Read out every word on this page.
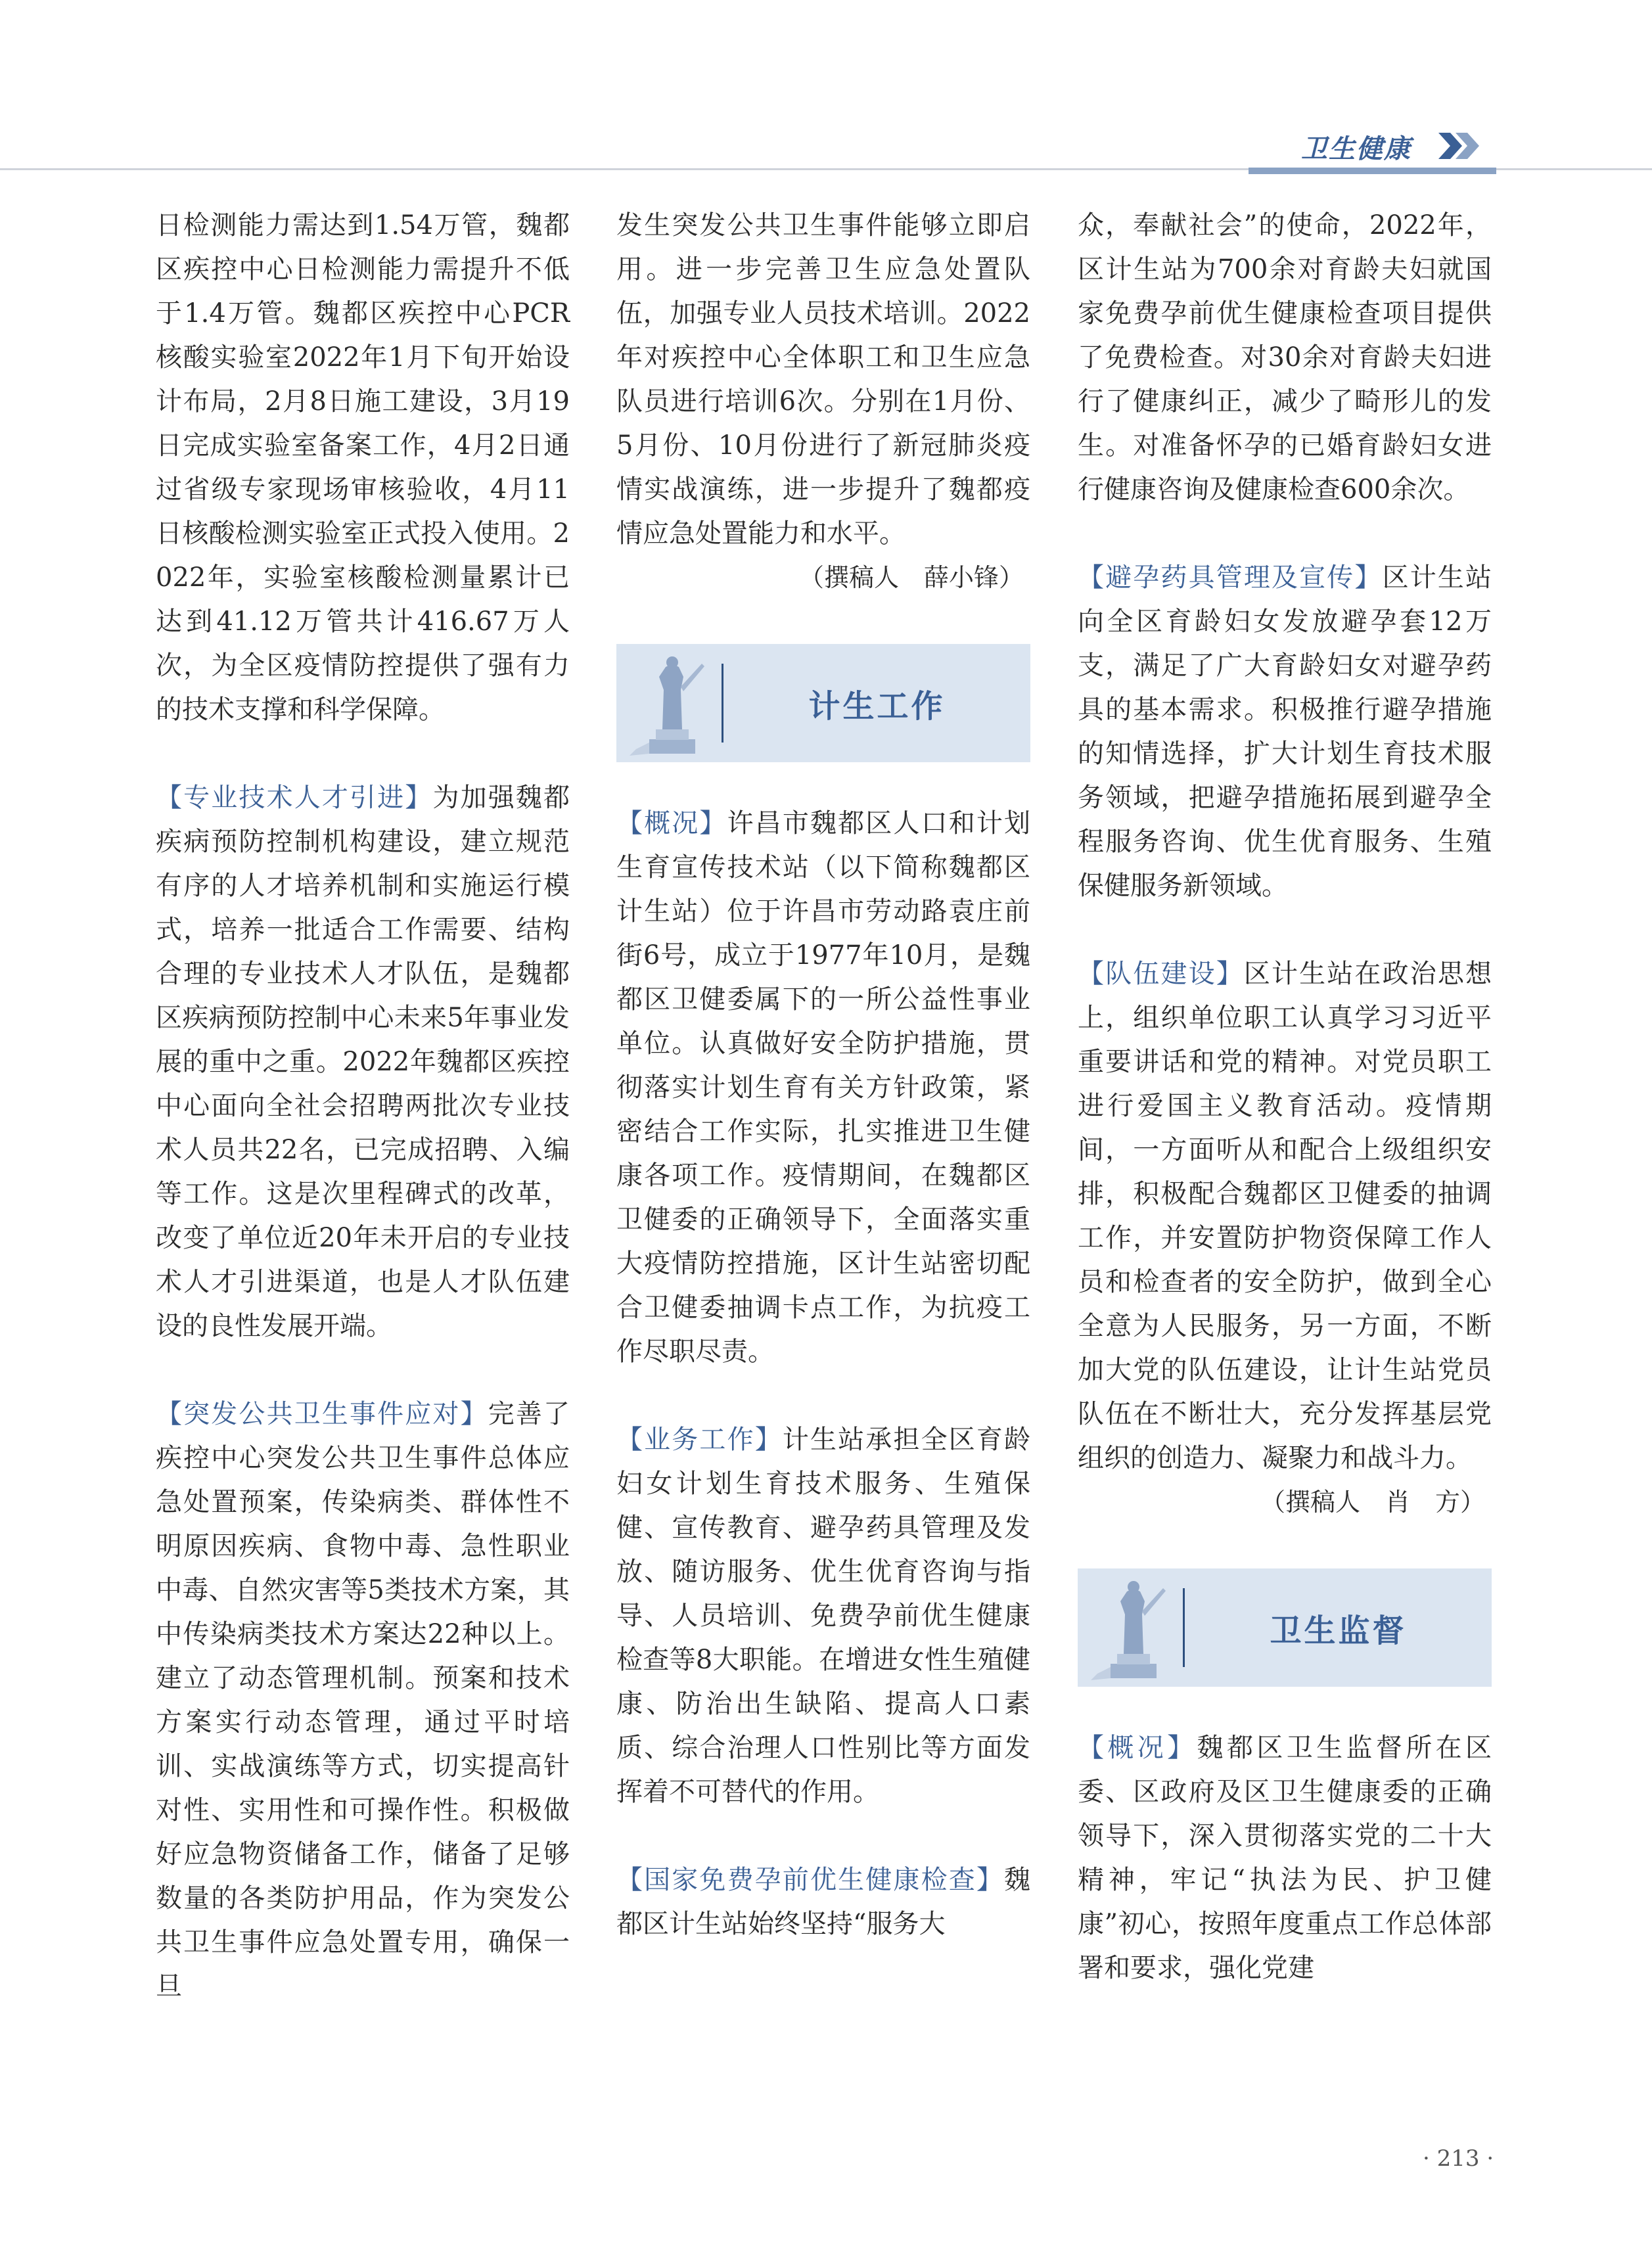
卫生健康

日检测能力需达到1.54万管，魏都区疾控中心日检测能力需提升不低于1.4万管。魏都区疾控中心PCR核酸实验室2022年1月下旬开始设计布局，2月8日施工建设，3月19日完成实验室备案工作，4月2日通过省级专家现场审核验收，4月11日核酸检测实验室正式投入使用。2022年，实验室核酸检测量累计已达到41.12万管共计416.67万人次，为全区疫情防控提供了强有力的技术支撑和科学保障。

【专业技术人才引进】为加强魏都疾病预防控制机构建设，建立规范有序的人才培养机制和实施运行模式，培养一批适合工作需要、结构合理的专业技术人才队伍，是魏都区疾病预防控制中心未来5年事业发展的重中之重。2022年魏都区疾控中心面向全社会招聘两批次专业技术人员共22名，已完成招聘、入编等工作。这是次里程碑式的改革，改变了单位近20年未开启的专业技术人才引进渠道，也是人才队伍建设的良性发展开端。

【突发公共卫生事件应对】完善了疾控中心突发公共卫生事件总体应急处置预案，传染病类、群体性不明原因疾病、食物中毒、急性职业中毒、自然灾害等5类技术方案，其中传染病类技术方案达22种以上。建立了动态管理机制。预案和技术方案实行动态管理，通过平时培训、实战演练等方式，切实提高针对性、实用性和可操作性。积极做好应急物资储备工作，储备了足够数量的各类防护用品，作为突发公共卫生事件应急处置专用，确保一旦

发生突发公共卫生事件能够立即启用。进一步完善卫生应急处置队伍，加强专业人员技术培训。2022年对疾控中心全体职工和卫生应急队员进行培训6次。分别在1月份、5月份、10月份进行了新冠肺炎疫情实战演练，进一步提升了魏都疫情应急处置能力和水平。

（撰稿人　薛小锋）
计生工作

【概况】许昌市魏都区人口和计划生育宣传技术站（以下简称魏都区计生站）位于许昌市劳动路袁庄前街6号，成立于1977年10月，是魏都区卫健委属下的一所公益性事业单位。认真做好安全防护措施，贯彻落实计划生育有关方针政策，紧密结合工作实际，扎实推进卫生健康各项工作。疫情期间，在魏都区卫健委的正确领导下，全面落实重大疫情防控措施，区计生站密切配合卫健委抽调卡点工作，为抗疫工作尽职尽责。

【业务工作】计生站承担全区育龄妇女计划生育技术服务、生殖保健、宣传教育、避孕药具管理及发放、随访服务、优生优育咨询与指导、人员培训、免费孕前优生健康检查等8大职能。在增进女性生殖健康、防治出生缺陷、提高人口素质、综合治理人口性别比等方面发挥着不可替代的作用。

【国家免费孕前优生健康检查】魏都区计生站始终坚持“服务大

众，奉献社会”的使命，2022年，区计生站为700余对育龄夫妇就国家免费孕前优生健康检查项目提供了免费检查。对30余对育龄夫妇进行了健康纠正，减少了畸形儿的发生。对准备怀孕的已婚育龄妇女进行健康咨询及健康检查600余次。

【避孕药具管理及宣传】区计生站向全区育龄妇女发放避孕套12万支，满足了广大育龄妇女对避孕药具的基本需求。积极推行避孕措施的知情选择，扩大计划生育技术服务领域，把避孕措施拓展到避孕全程服务咨询、优生优育服务、生殖保健服务新领域。

【队伍建设】区计生站在政治思想上，组织单位职工认真学习习近平重要讲话和党的精神。对党员职工进行爱国主义教育活动。疫情期间，一方面听从和配合上级组织安排，积极配合魏都区卫健委的抽调工作，并安置防护物资保障工作人员和检查者的安全防护，做到全心全意为人民服务，另一方面，不断加大党的队伍建设，让计生站党员队伍在不断壮大，充分发挥基层党组织的创造力、凝聚力和战斗力。

（撰稿人　肖　方）
卫生监督

【概况】魏都区卫生监督所在区委、区政府及区卫生健康委的正确领导下，深入贯彻落实党的二十大精神，牢记“执法为民、护卫健康”初心，按照年度重点工作总体部署和要求，强化党建

· 213 ·
